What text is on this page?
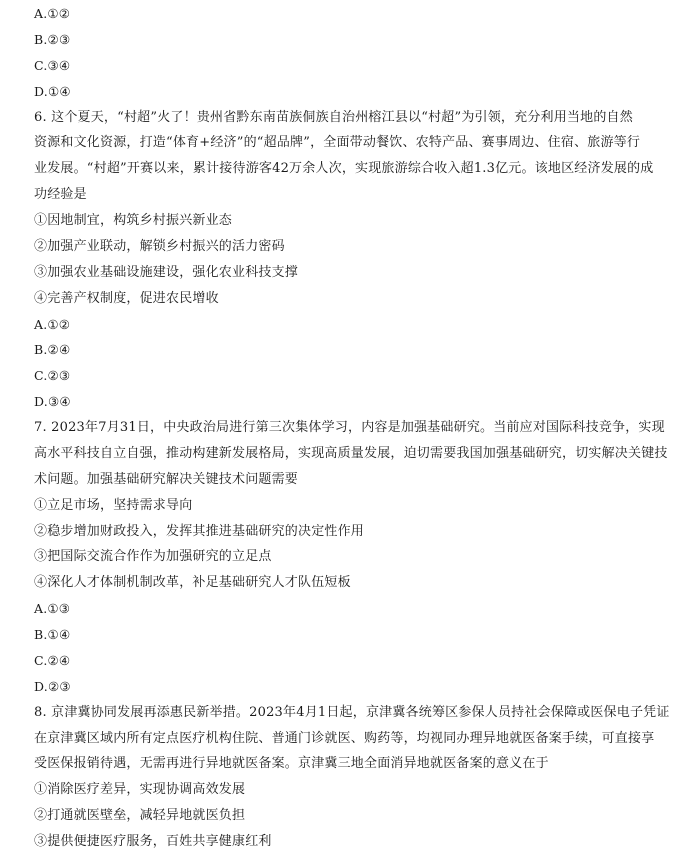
A.①②
B.②③
C.③④
D.①④
6. 这个夏天，“村超”火了！贵州省黔东南苗族侗族自治州榕江县以“村超”为引领，充分利用当地的自然
资源和文化资源，打造“体育+经济”的“超品牌”，全面带动餐饮、农特产品、赛事周边、住宿、旅游等行
业发展。“村超”开赛以来，累计接待游客42万余人次，实现旅游综合收入超1.3亿元。该地区经济发展的成
功经验是
①因地制宜，构筑乡村振兴新业态
②加强产业联动，解锁乡村振兴的活力密码
③加强农业基础设施建设，强化农业科技支撑
④完善产权制度，促进农民增收
A.①②
B.②④
C.②③
D.③④
7. 2023年7月31日，中央政治局进行第三次集体学习，内容是加强基础研究。当前应对国际科技竞争，实现
高水平科技自立自强，推动构建新发展格局，实现高质量发展，迫切需要我国加强基础研究，切实解决关键技
术问题。加强基础研究解决关键技术问题需要
①立足市场，坚持需求导向
②稳步增加财政投入，发挥其推进基础研究的决定性作用
③把国际交流合作作为加强研究的立足点
④深化人才体制机制改革，补足基础研究人才队伍短板
A.①③
B.①④
C.②④
D.②③
8. 京津冀协同发展再添惠民新举措。2023年4月1日起，京津冀各统筹区参保人员持社会保障或医保电子凭证
在京津冀区域内所有定点医疗机构住院、普通门诊就医、购药等，均视同办理异地就医备案手续，可直接享
受医保报销待遇，无需再进行异地就医备案。京津冀三地全面消异地就医备案的意义在于
①消除医疗差异，实现协调高效发展
②打通就医壁垒，减轻异地就医负担
③提供便捷医疗服务，百姓共享健康红利
